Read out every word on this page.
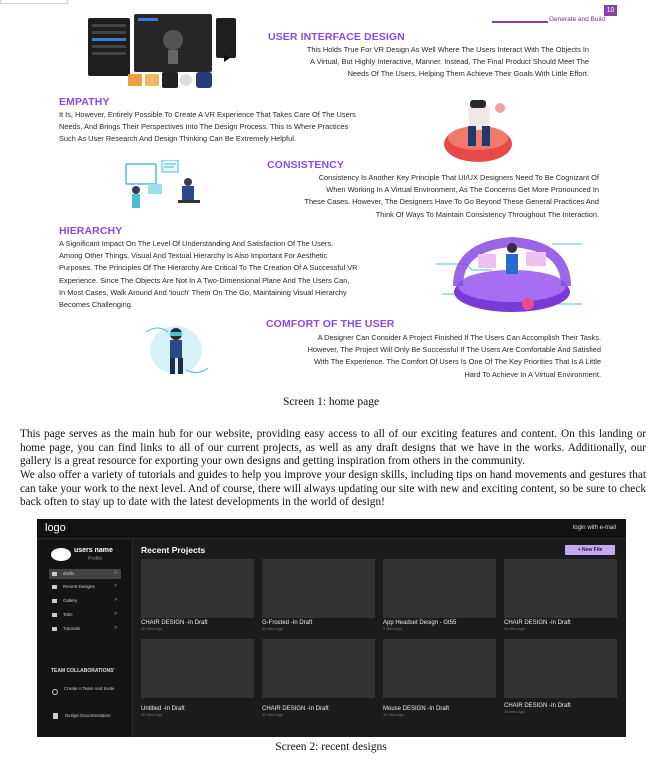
Generate and Build
10
USER INTERFACE DESIGN
This Holds True For VR Design As Well Where The Users Interact With The Objects In
A Virtual, But Highly Interactive, Manner. Instead, The Final Product Should Meet The
Needs Of The Users, Helping Them Achieve Their Goals With Little Effort.
EMPATHY
It Is, However, Entirely Possible To Create A VR Experience That Takes Care Of The Users
Needs, And Brings Their Perspectives Into The Design Process. This Is Where Practices
Such As User Research And Design Thinking Can Be Extremely Helpful.
CONSISTENCY
Consistency Is Another Key Principle That UI/UX Designers Need To Be Cognizant Of
When Working In A Virtual Environment, As The Concerns Get More Pronounced In
These Cases. However, The Designers Have To Go Beyond These General Practices And
Think Of Ways To Maintain Consistency Throughout The Interaction.
HIERARCHY
A Significant Impact On The Level Of Understanding And Satisfaction Of The Users.
Among Other Things, Visual And Textual Hierarchy Is Also Important For Aesthetic
Purposes. The Principles Of The Hierarchy Are Critical To The Creation Of A Successful VR
Experience. Since The Objects Are Not In A Two-Dimensional Plane And The Users Can,
In Most Cases, Walk Around And 'touch' Them On The Go, Maintaining Visual Hierarchy
Becomes Challenging.
COMFORT OF THE USER
A Designer Can Consider A Project Finished If The Users Can Accomplish Their Tasks.
However, The Project Will Only Be Successful If The Users Are Comfortable And Satisfied
With The Experience. The Comfort Of Users Is One Of The Key Priorities That Is A Little
Hard To Achieve In A Virtual Environment.
Screen 1: home page
This page serves as the main hub for our website, providing easy access to all of our exciting features and content. On this landing or home page, you can find links to all of our current projects, as well as any draft designs that we have in the works. Additionally, our gallery is a great resource for exporting your own designs and getting inspiration from others in the community.
We also offer a variety of tutorials and guides to help you improve your design skills, including tips on hand movements and gestures that can take your work to the next level. And of course, there will always updating our site with new and exciting content, so be sure to check back often to stay up to date with the latest developments in the world of design!
logo	login with e-mail
users name
Profile
drafts	>
Recent Designs	>
Gallery	>
Tabs	>
Tutorials	>
TEAM COLLABORATIONS'
Create A Team And Invite
Design Documentation
Recent Projects	+ New File
CHAIR DESIGN -In Draft
40 Mins Ago
G-Frosted -In Draft
40 Mins Ago
App Headset Design - Gt55
5 Mins Ago
CHAIR DESIGN -In Draft
40 Mins Ago
Untitled -In Draft
40 Mins Ago
CHAIR DESIGN -In Draft
40 Mins Ago
Mouse DESIGN -In Draft
40 Mins Ago
CHAIR DESIGN -In Draft
40 Mins Ago
Screen 2: recent designs
